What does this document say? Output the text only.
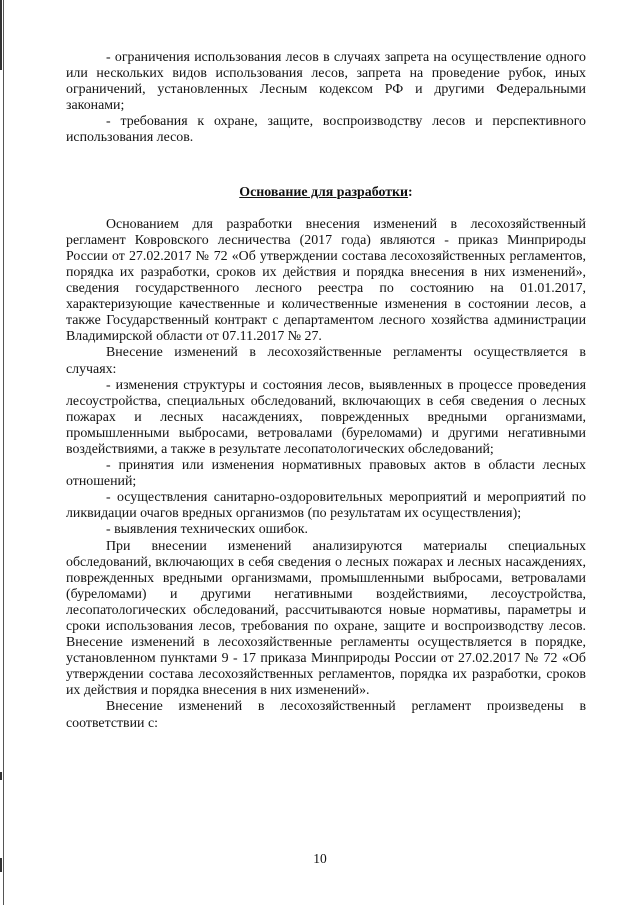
- ограничения использования лесов в случаях запрета на осуществление одного или нескольких видов использования лесов, запрета на проведение рубок, иных ограничений, установленных Лесным кодексом РФ и другими Федеральными законами;

- требования к охране, защите, воспроизводству лесов и перспективного использования лесов.

Основание для разработки:

Основанием для разработки внесения изменений в лесохозяйственный регламент Ковровского лесничества (2017 года) являются - приказ Минприроды России от 27.02.2017 № 72 «Об утверждении состава лесохозяйственных регламентов, порядка их разработки, сроков их действия и порядка внесения в них изменений», сведения государственного лесного реестра по состоянию на 01.01.2017, характеризующие качественные и количественные изменения в состоянии лесов, а также Государственный контракт с департаментом лесного хозяйства администрации Владимирской области от 07.11.2017 № 27.

Внесение изменений в лесохозяйственные регламенты осуществляется в случаях:

- изменения структуры и состояния лесов, выявленных в процессе проведения лесоустройства, специальных обследований, включающих в себя сведения о лесных пожарах и лесных насаждениях, поврежденных вредными организмами, промышленными выбросами, ветровалами (буреломами) и другими негативными воздействиями, а также в результате лесопатологических обследований;

- принятия или изменения нормативных правовых актов в области лесных отношений;

- осуществления санитарно-оздоровительных мероприятий и мероприятий по ликвидации очагов вредных организмов (по результатам их осуществления);

- выявления технических ошибок.

При внесении изменений анализируются материалы специальных обследований, включающих в себя сведения о лесных пожарах и лесных насаждениях, поврежденных вредными организмами, промышленными выбросами, ветровалами (буреломами) и другими негативными воздействиями, лесоустройства, лесопатологических обследований, рассчитываются новые нормативы, параметры и сроки использования лесов, требования по охране, защите и воспроизводству лесов. Внесение изменений в лесохозяйственные регламенты осуществляется в порядке, установленном пунктами 9 - 17 приказа Минприроды России от 27.02.2017 № 72 «Об утверждении состава лесохозяйственных регламентов, порядка их разработки, сроков их действия и порядка внесения в них изменений».

Внесение изменений в лесохозяйственный регламент произведены в соответствии с:

10
